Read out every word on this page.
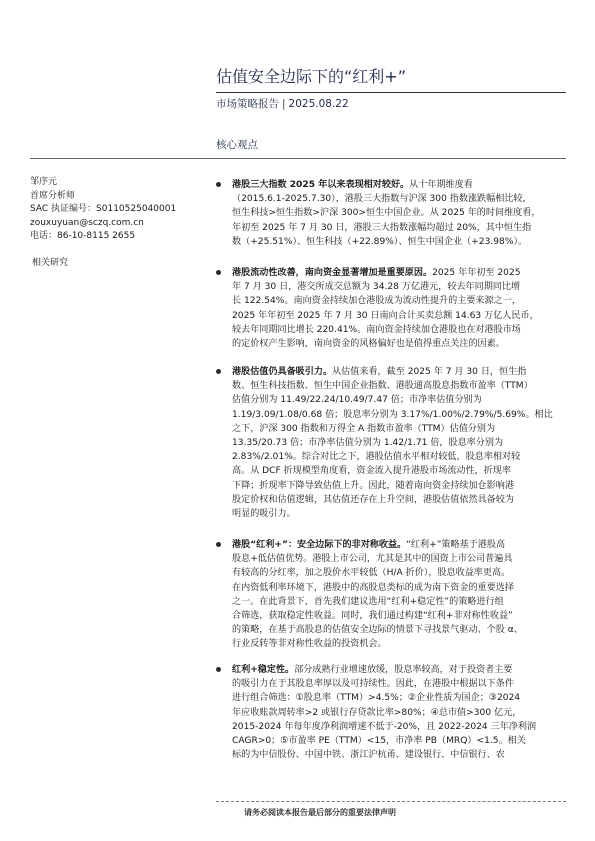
估值安全边际下的“红利+”
市场策略报告 | 2025.08.22
核心观点
邹序元
首席分析师
SAC 执证编号：S0110525040001
zouxuyuan@sczq.com.cn
电话：86-10-8115 2655
相关研究
港股三大指数 2025 年以来表现相对较好。从十年期维度看
（2015.6.1-2025.7.30），港股三大指数与沪深 300 指数涨跌幅相比较，
恒生科技>恒生指数>沪深 300>恒生中国企业。从 2025 年的时间维度看，
年初至 2025 年 7 月 30 日，港股三大指数涨幅均超过 20%，其中恒生指
数（+25.51%）、恒生科技（+22.89%）、恒生中国企业（+23.98%）。
港股流动性改善，南向资金显著增加是重要原因。2025 年年初至 2025
年 7 月 30 日，港交所成交总额为 34.28 万亿港元，较去年同期同比增
长 122.54%。南向资金持续加仓港股成为流动性提升的主要来源之一，
2025 年年初至 2025 年 7 月 30 日南向合计买卖总额 14.63 万亿人民币，
较去年同期同比增长 220.41%。南向资金持续加仓港股也在对港股市场
的定价权产生影响，南向资金的风格偏好也是值得重点关注的因素。
港股估值仍具备吸引力。从估值来看，截至 2025 年 7 月 30 日，恒生指
数、恒生科技指数、恒生中国企业指数、港股通高股息指数市盈率（TTM）
估值分别为 11.49/22.24/10.49/7.47 倍；市净率估值分别为
1.19/3.09/1.08/0.68 倍；股息率分别为 3.17%/1.00%/2.79%/5.69%。相比
之下，沪深 300 指数和万得全 A 指数市盈率（TTM）估值分别为
13.35/20.73 倍；市净率估值分别为 1.42/1.71 倍，股息率分别为
2.83%/2.01%。综合对比之下，港股估值水平相对较低，股息率相对较
高。从 DCF 折现模型角度看，资金流入提升港股市场流动性，折现率
下降；折现率下降导致估值上升。因此，随着南向资金持续加仓影响港
股定价权和估值逻辑，其估值还存在上升空间，港股估值依然具备较为
明显的吸引力。
港股“红利+”：安全边际下的非对称收益。“红利+”策略基于港股高
股息+低估值优势。港股上市公司，尤其是其中的国资上市公司普遍具
有较高的分红率，加之股价水平较低（H/A 折价），股息收益率更高。
在内资低利率环境下，港股中的高股息类标的成为南下资金的重要选择
之一。在此背景下，首先我们建议选用“红利+稳定性”的策略进行组
合筛选，获取稳定性收益。同时，我们通过构建“红利+非对称性收益”
的策略，在基于高股息的估值安全边际的情景下寻找景气驱动、个股 α、
行业反转等非对称性收益的投资机会。
红利+稳定性。部分成熟行业增速放缓，股息率较高，对于投资者主要
的吸引力在于其股息率厚以及可持续性。因此，在港股中根据以下条件
进行组合筛选：①股息率（TTM）>4.5%；②企业性质为国企；③2024
年应收账款周转率>2 或银行存贷款比率>80%；④总市值>300 亿元，
2015-2024 年每年度净利润增速不低于-20%，且 2022-2024 三年净利润
CAGR>0；⑤市盈率 PE（TTM）<15，市净率 PB（MRQ）<1.5。相关
标的为中信股份、中国中铁、浙江沪杭甬、建设银行、中信银行、农
请务必阅读本报告最后部分的重要法律声明
